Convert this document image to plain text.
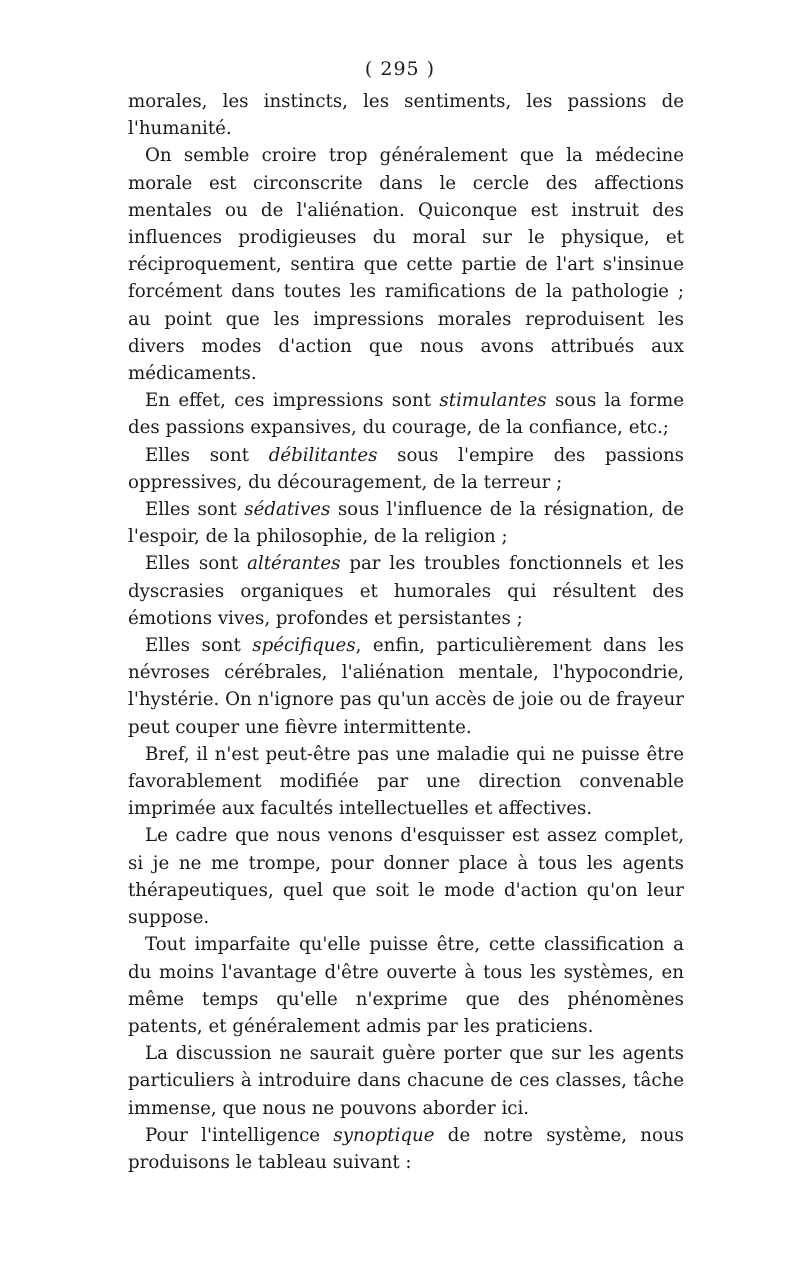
( 295 )

morales, les instincts, les sentiments, les passions de l'humanité.

On semble croire trop généralement que la médecine morale est circonscrite dans le cercle des affections mentales ou de l'aliénation. Quiconque est instruit des influences prodigieuses du moral sur le physique, et réciproquement, sentira que cette partie de l'art s'insinue forcément dans toutes les ramifications de la pathologie ; au point que les impressions morales reproduisent les divers modes d'action que nous avons attribués aux médicaments.

En effet, ces impressions sont stimulantes sous la forme des passions expansives, du courage, de la confiance, etc.;

Elles sont débilitantes sous l'empire des passions oppressives, du découragement, de la terreur ;

Elles sont sédatives sous l'influence de la résignation, de l'espoir, de la philosophie, de la religion ;

Elles sont altérantes par les troubles fonctionnels et les dyscrasies organiques et humorales qui résultent des émotions vives, profondes et persistantes ;

Elles sont spécifiques, enfin, particulièrement dans les névroses cérébrales, l'aliénation mentale, l'hypocondrie, l'hystérie. On n'ignore pas qu'un accès de joie ou de frayeur peut couper une fièvre intermittente.

Bref, il n'est peut-être pas une maladie qui ne puisse être favorablement modifiée par une direction convenable imprimée aux facultés intellectuelles et affectives.

Le cadre que nous venons d'esquisser est assez complet, si je ne me trompe, pour donner place à tous les agents thérapeutiques, quel que soit le mode d'action qu'on leur suppose.

Tout imparfaite qu'elle puisse être, cette classification a du moins l'avantage d'être ouverte à tous les systèmes, en même temps qu'elle n'exprime que des phénomènes patents, et généralement admis par les praticiens.

La discussion ne saurait guère porter que sur les agents particuliers à introduire dans chacune de ces classes, tâche immense, que nous ne pouvons aborder ici.

Pour l'intelligence synoptique de notre système, nous produisons le tableau suivant :
